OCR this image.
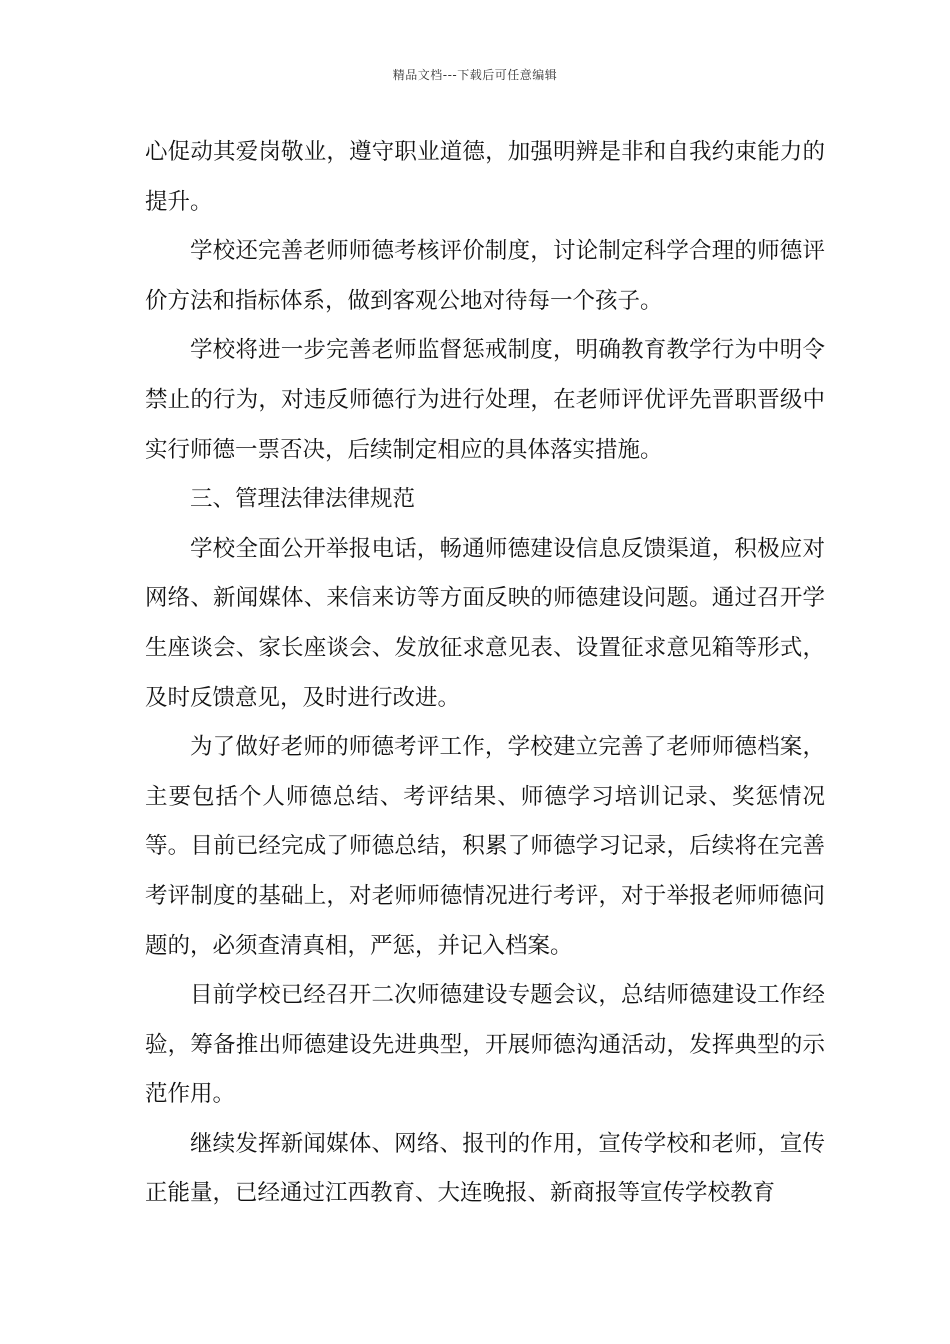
精品文档---下载后可任意编辑

心促动其爱岗敬业，遵守职业道德，加强明辨是非和自我约束能力的提升。

学校还完善老师师德考核评价制度，讨论制定科学合理的师德评价方法和指标体系，做到客观公地对待每一个孩子。

学校将进一步完善老师监督惩戒制度，明确教育教学行为中明令禁止的行为，对违反师德行为进行处理，在老师评优评先晋职晋级中实行师德一票否决，后续制定相应的具体落实措施。

三、管理法律法律规范

学校全面公开举报电话，畅通师德建设信息反馈渠道，积极应对网络、新闻媒体、来信来访等方面反映的师德建设问题。通过召开学生座谈会、家长座谈会、发放征求意见表、设置征求意见箱等形式，及时反馈意见，及时进行改进。

为了做好老师的师德考评工作，学校建立完善了老师师德档案，主要包括个人师德总结、考评结果、师德学习培训记录、奖惩情况等。目前已经完成了师德总结，积累了师德学习记录，后续将在完善考评制度的基础上，对老师师德情况进行考评，对于举报老师师德问题的，必须查清真相，严惩，并记入档案。

目前学校已经召开二次师德建设专题会议，总结师德建设工作经验，筹备推出师德建设先进典型，开展师德沟通活动，发挥典型的示范作用。

继续发挥新闻媒体、网络、报刊的作用，宣传学校和老师，宣传正能量，已经通过江西教育、大连晚报、新商报等宣传学校教育
